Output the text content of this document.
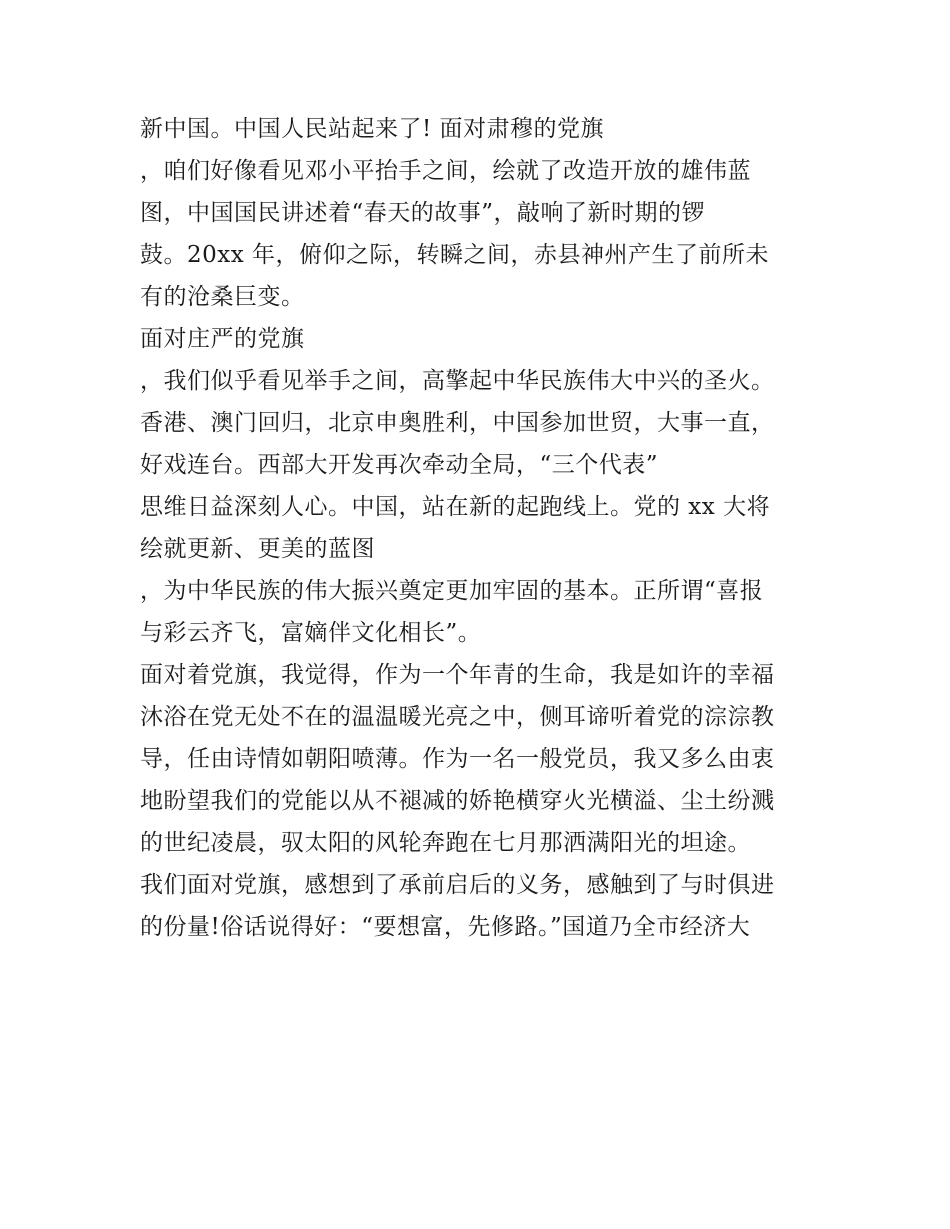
新中国。中国人民站起来了! 面对肃穆的党旗
，咱们好像看见邓小平抬手之间，绘就了改造开放的雄伟蓝
图，中国国民讲述着“春天的故事”，敲响了新时期的锣
鼓。20xx 年，俯仰之际，转瞬之间，赤县神州产生了前所未
有的沧桑巨变。
面对庄严的党旗
，我们似乎看见举手之间，高擎起中华民族伟大中兴的圣火。
香港、澳门回归，北京申奥胜利，中国参加世贸，大事一直，
好戏连台。西部大开发再次牵动全局，“三个代表”
思维日益深刻人心。中国，站在新的起跑线上。党的 xx 大将
绘就更新、更美的蓝图
，为中华民族的伟大振兴奠定更加牢固的基本。正所谓“喜报
与彩云齐飞，富嫡伴文化相长”。
面对着党旗，我觉得，作为一个年青的生命，我是如许的幸福
沐浴在党无处不在的温温暖光亮之中，侧耳谛听着党的淙淙教
导，任由诗情如朝阳喷薄。作为一名一般党员，我又多么由衷
地盼望我们的党能以从不褪减的娇艳横穿火光横溢、尘土纷溅
的世纪凌晨，驭太阳的风轮奔跑在七月那洒满阳光的坦途。
我们面对党旗，感想到了承前启后的义务，感触到了与时俱进
的份量!俗话说得好：“要想富，先修路。”国道乃全市经济大
